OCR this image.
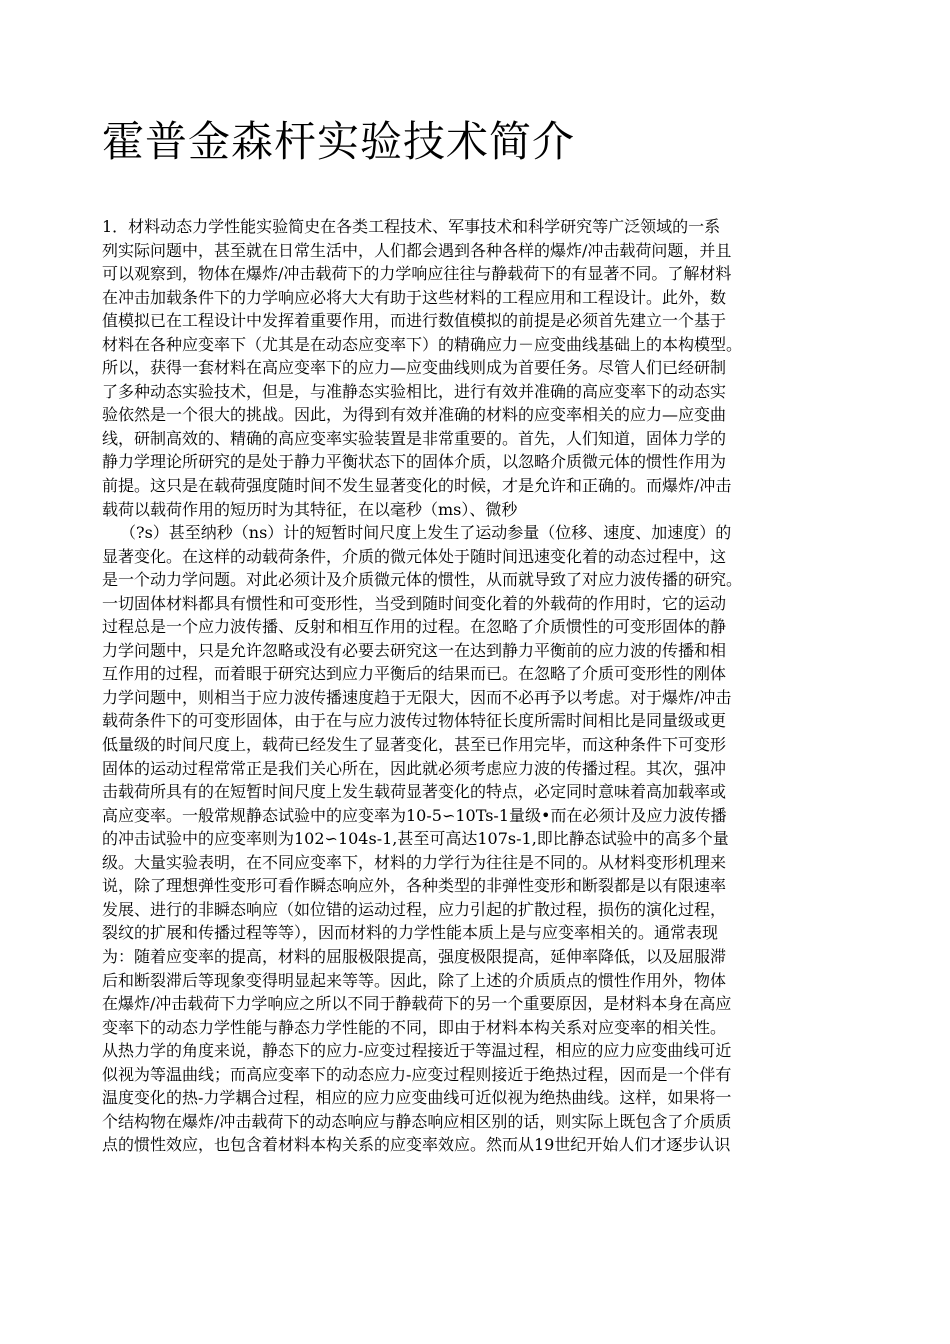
霍普金森杆实验技术简介
1．材料动态力学性能实验简史在各类工程技术、军事技术和科学研究等广泛领域的一系
列实际问题中，甚至就在日常生活中，人们都会遇到各种各样的爆炸/冲击载荷问题，并且
可以观察到，物体在爆炸/冲击载荷下的力学响应往往与静载荷下的有显著不同。了解材料
在冲击加载条件下的力学响应必将大大有助于这些材料的工程应用和工程设计。此外，数
值模拟已在工程设计中发挥着重要作用，而进行数值模拟的前提是必须首先建立一个基于
材料在各种应变率下（尤其是在动态应变率下）的精确应力－应变曲线基础上的本构模型。
所以，获得一套材料在高应变率下的应力—应变曲线则成为首要任务。尽管人们已经研制
了多种动态实验技术，但是，与准静态实验相比，进行有效并准确的高应变率下的动态实
验依然是一个很大的挑战。因此，为得到有效并准确的材料的应变率相关的应力—应变曲
线，研制高效的、精确的高应变率实验装置是非常重要的。首先，人们知道，固体力学的
静力学理论所研究的是处于静力平衡状态下的固体介质，以忽略介质微元体的惯性作用为
前提。这只是在载荷强度随时间不发生显著变化的时候，才是允许和正确的。而爆炸/冲击
载荷以载荷作用的短历时为其特征，在以毫秒（ms）、微秒
（?s）甚至纳秒（ns）计的短暂时间尺度上发生了运动参量（位移、速度、加速度）的
显著变化。在这样的动载荷条件，介质的微元体处于随时间迅速变化着的动态过程中，这
是一个动力学问题。对此必须计及介质微元体的惯性，从而就导致了对应力波传播的研究。
一切固体材料都具有惯性和可变形性，当受到随时间变化着的外载荷的作用时，它的运动
过程总是一个应力波传播、反射和相互作用的过程。在忽略了介质惯性的可变形固体的静
力学问题中，只是允许忽略或没有必要去研究这一在达到静力平衡前的应力波的传播和相
互作用的过程，而着眼于研究达到应力平衡后的结果而已。在忽略了介质可变形性的刚体
力学问题中，则相当于应力波传播速度趋于无限大，因而不必再予以考虑。对于爆炸/冲击
载荷条件下的可变形固体，由于在与应力波传过物体特征长度所需时间相比是同量级或更
低量级的时间尺度上，载荷已经发生了显著变化，甚至已作用完毕，而这种条件下可变形
固体的运动过程常常正是我们关心所在，因此就必须考虑应力波的传播过程。其次，强冲
击载荷所具有的在短暂时间尺度上发生载荷显著变化的特点，必定同时意味着高加载率或
高应变率。一般常规静态试验中的应变率为10-5∽10Ts-1量级•而在必须计及应力波传播
的冲击试验中的应变率则为102∽104s-1,甚至可高达107s-1,即比静态试验中的高多个量
级。大量实验表明，在不同应变率下，材料的力学行为往往是不同的。从材料变形机理来
说，除了理想弹性变形可看作瞬态响应外，各种类型的非弹性变形和断裂都是以有限速率
发展、进行的非瞬态响应（如位错的运动过程，应力引起的扩散过程，损伤的演化过程，
裂纹的扩展和传播过程等等），因而材料的力学性能本质上是与应变率相关的。通常表现
为：随着应变率的提高，材料的屈服极限提高，强度极限提高，延伸率降低，以及屈服滞
后和断裂滞后等现象变得明显起来等等。因此，除了上述的介质质点的惯性作用外，物体
在爆炸/冲击载荷下力学响应之所以不同于静载荷下的另一个重要原因，是材料本身在高应
变率下的动态力学性能与静态力学性能的不同，即由于材料本构关系对应变率的相关性。
从热力学的角度来说，静态下的应力-应变过程接近于等温过程，相应的应力应变曲线可近
似视为等温曲线；而高应变率下的动态应力-应变过程则接近于绝热过程，因而是一个伴有
温度变化的热-力学耦合过程，相应的应力应变曲线可近似视为绝热曲线。这样，如果将一
个结构物在爆炸/冲击载荷下的动态响应与静态响应相区别的话，则实际上既包含了介质质
点的惯性效应，也包含着材料本构关系的应变率效应。然而从19世纪开始人们才逐步认识
